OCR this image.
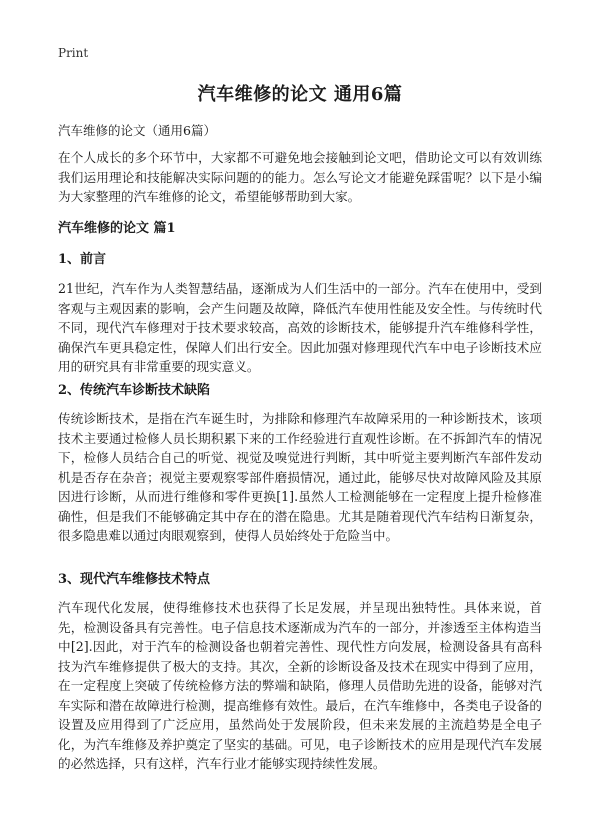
Print
汽车维修的论文 通用6篇
汽车维修的论文（通用6篇）

在个人成长的多个环节中，大家都不可避免地会接触到论文吧，借助论文可以有效训练我们运用理论和技能解决实际问题的的能力。怎么写论文才能避免踩雷呢？以下是小编为大家整理的汽车维修的论文，希望能够帮助到大家。

汽车维修的论文 篇1

1、前言

21世纪，汽车作为人类智慧结晶，逐渐成为人们生活中的一部分。汽车在使用中，受到客观与主观因素的影响，会产生问题及故障，降低汽车使用性能及安全性。与传统时代不同，现代汽车修理对于技术要求较高，高效的诊断技术，能够提升汽车维修科学性，确保汽车更具稳定性，保障人们出行安全。因此加强对修理现代汽车中电子诊断技术应用的研究具有非常重要的现实意义。

2、传统汽车诊断技术缺陷

传统诊断技术，是指在汽车诞生时，为排除和修理汽车故障采用的一种诊断技术，该项技术主要通过检修人员长期积累下来的工作经验进行直观性诊断。在不拆卸汽车的情况下，检修人员结合自己的听觉、视觉及嗅觉进行判断，其中听觉主要判断汽车部件发动机是否存在杂音；视觉主要观察零部件磨损情况，通过此，能够尽快对故障风险及其原因进行诊断，从而进行维修和零件更换[1].虽然人工检测能够在一定程度上提升检修准确性，但是我们不能够确定其中存在的潜在隐患。尤其是随着现代汽车结构日渐复杂，很多隐患难以通过肉眼观察到，使得人员始终处于危险当中。

3、现代汽车维修技术特点

汽车现代化发展，使得维修技术也获得了长足发展，并呈现出独特性。具体来说，首先，检测设备具有完善性。电子信息技术逐渐成为汽车的一部分，并渗透至主体构造当中[2].因此，对于汽车的检测设备也朝着完善性、现代性方向发展，检测设备具有高科技为汽车维修提供了极大的支持。其次，全新的诊断设备及技术在现实中得到了应用，在一定程度上突破了传统检修方法的弊端和缺陷，修理人员借助先进的设备，能够对汽车实际和潜在故障进行检测，提高维修有效性。最后，在汽车维修中，各类电子设备的设置及应用得到了广泛应用，虽然尚处于发展阶段，但未来发展的主流趋势是全电子化，为汽车维修及养护奠定了坚实的基础。可见，电子诊断技术的应用是现代汽车发展的必然选择，只有这样，汽车行业才能够实现持续性发展。
